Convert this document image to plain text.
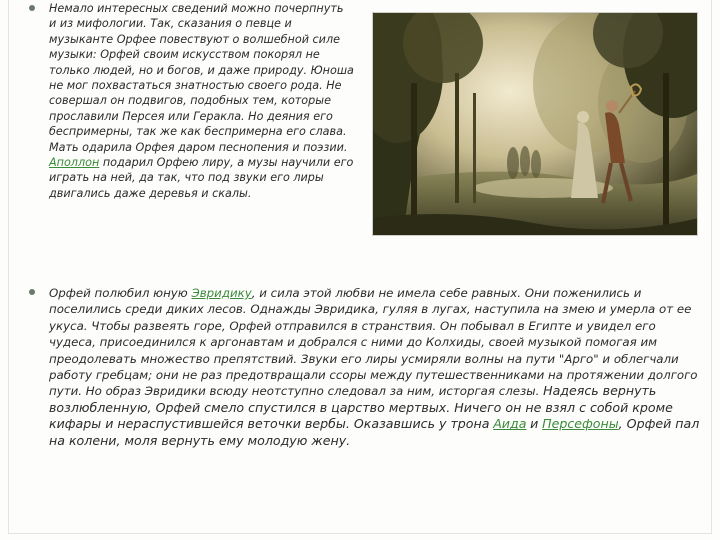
Немало интересных сведений можно почерпнуть и из мифологии. Так, сказания о певце и музыканте Орфее повествуют о волшебной силе музыки: Орфей своим искусством покорял не только людей, но и богов, и даже природу. Юноша не мог похвастаться знатностью своего рода. Не совершал он подвигов, подобных тем, которые прославили Персея или Геракла. Но деяния его беспримерны, так же как беспримерна его слава. Мать одарила Орфея даром песнопения и поэзии. Аполлон подарил Орфею лиру, а музы научили его играть на ней, да так, что под звуки его лиры двигались даже деревья и скалы.

Орфей полюбил юную Эвридику, и сила этой любви не имела себе равных. Они поженились и поселились среди диких лесов. Однажды Эвридика, гуляя в лугах, наступила на змею и умерла от ее укуса. Чтобы развеять горе, Орфей отправился в странствия. Он побывал в Египте и увидел его чудеса, присоединился к аргонавтам и добрался с ними до Колхиды, своей музыкой помогая им преодолевать множество препятствий. Звуки его лиры усмиряли волны на пути "Арго" и облегчали работу гребцам; они не раз предотвращали ссоры между путешественниками на протяжении долгого пути. Но образ Эвридики всюду неотступно следовал за ним, исторгая слезы. Надеясь вернуть возлюбленную, Орфей смело спустился в царство мертвых. Ничего он не взял с собой кроме кифары и нераспустившейся веточки вербы. Оказавшись у трона Аида и Персефоны, Орфей пал на колени, моля вернуть ему молодую жену.
